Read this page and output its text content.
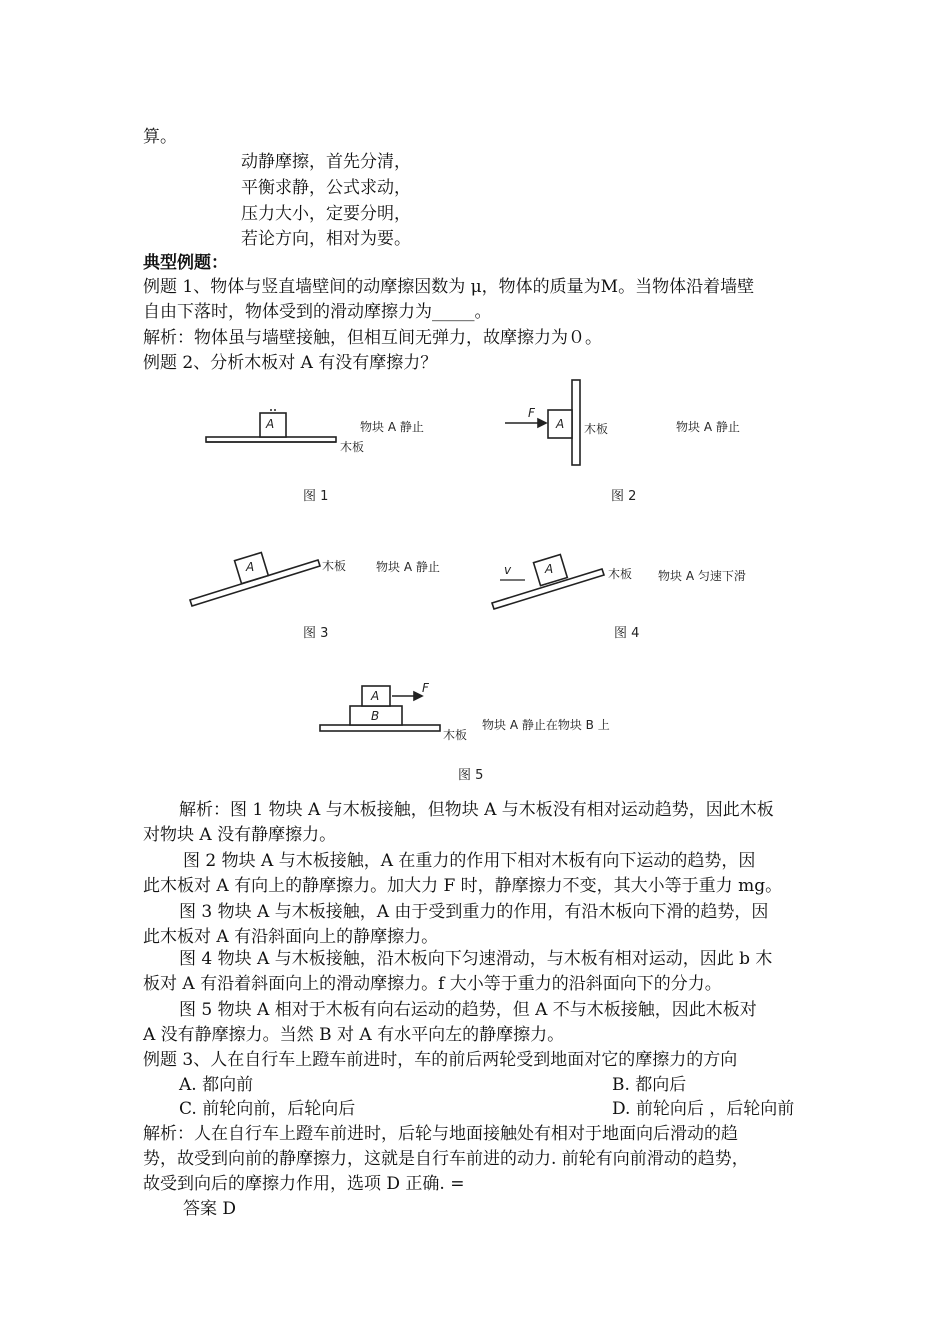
算。
动静摩擦，首先分清，
平衡求静，公式求动，
压力大小，定要分明，
若论方向，相对为要。
典型例题：
例题 1、物体与竖直墙壁间的动摩擦因数为 μ，物体的质量为M。当物体沿着墙壁
自由下落时，物体受到的滑动摩擦力为_____。
解析：物体虽与墙壁接触，但相互间无弹力，故摩擦力为０。
例题 2、分析木板对 A 有没有摩擦力？
A
木板
物块 A 静止
图 1
A
F
木板	物块 A 静止
图 2
A	木板 物块 A 静止
图 3
A
v	木板 物块 A 匀速下滑
图 4
A
B
F
木板
物块 A 静止在物块 B 上
图 5
解析：图 1 物块 A 与木板接触，但物块 A 与木板没有相对运动趋势，因此木板
对物块 A 没有静摩擦力。
图 2 物块 A 与木板接触，A 在重力的作用下相对木板有向下运动的趋势，因
此木板对 A 有向上的静摩擦力。加大力 F 时，静摩擦力不变，其大小等于重力 mg。
图 3 物块 A 与木板接触，A 由于受到重力的作用，有沿木板向下滑的趋势，因
此木板对 A 有沿斜面向上的静摩擦力。
图 4 物块 A 与木板接触，沿木板向下匀速滑动，与木板有相对运动，因此 b 木
板对 A 有沿着斜面向上的滑动摩擦力。f 大小等于重力的沿斜面向下的分力。
图 5 物块 A 相对于木板有向右运动的趋势，但 A 不与木板接触，因此木板对
A 没有静摩擦力。当然 B 对 A 有水平向左的静摩擦力。
例题 3、人在自行车上蹬车前进时，车的前后两轮受到地面对它的摩擦力的方向
A. 都向前	B. 都向后
C. 前轮向前，后轮向后	D. 前轮向后 ，后轮向前
解析：人在自行车上蹬车前进时，后轮与地面接触处有相对于地面向后滑动的趋
势，故受到向前的静摩擦力，这就是自行车前进的动力. 前轮有向前滑动的趋势，
故受到向后的摩擦力作用，选项 D 正确. =
答案 D
